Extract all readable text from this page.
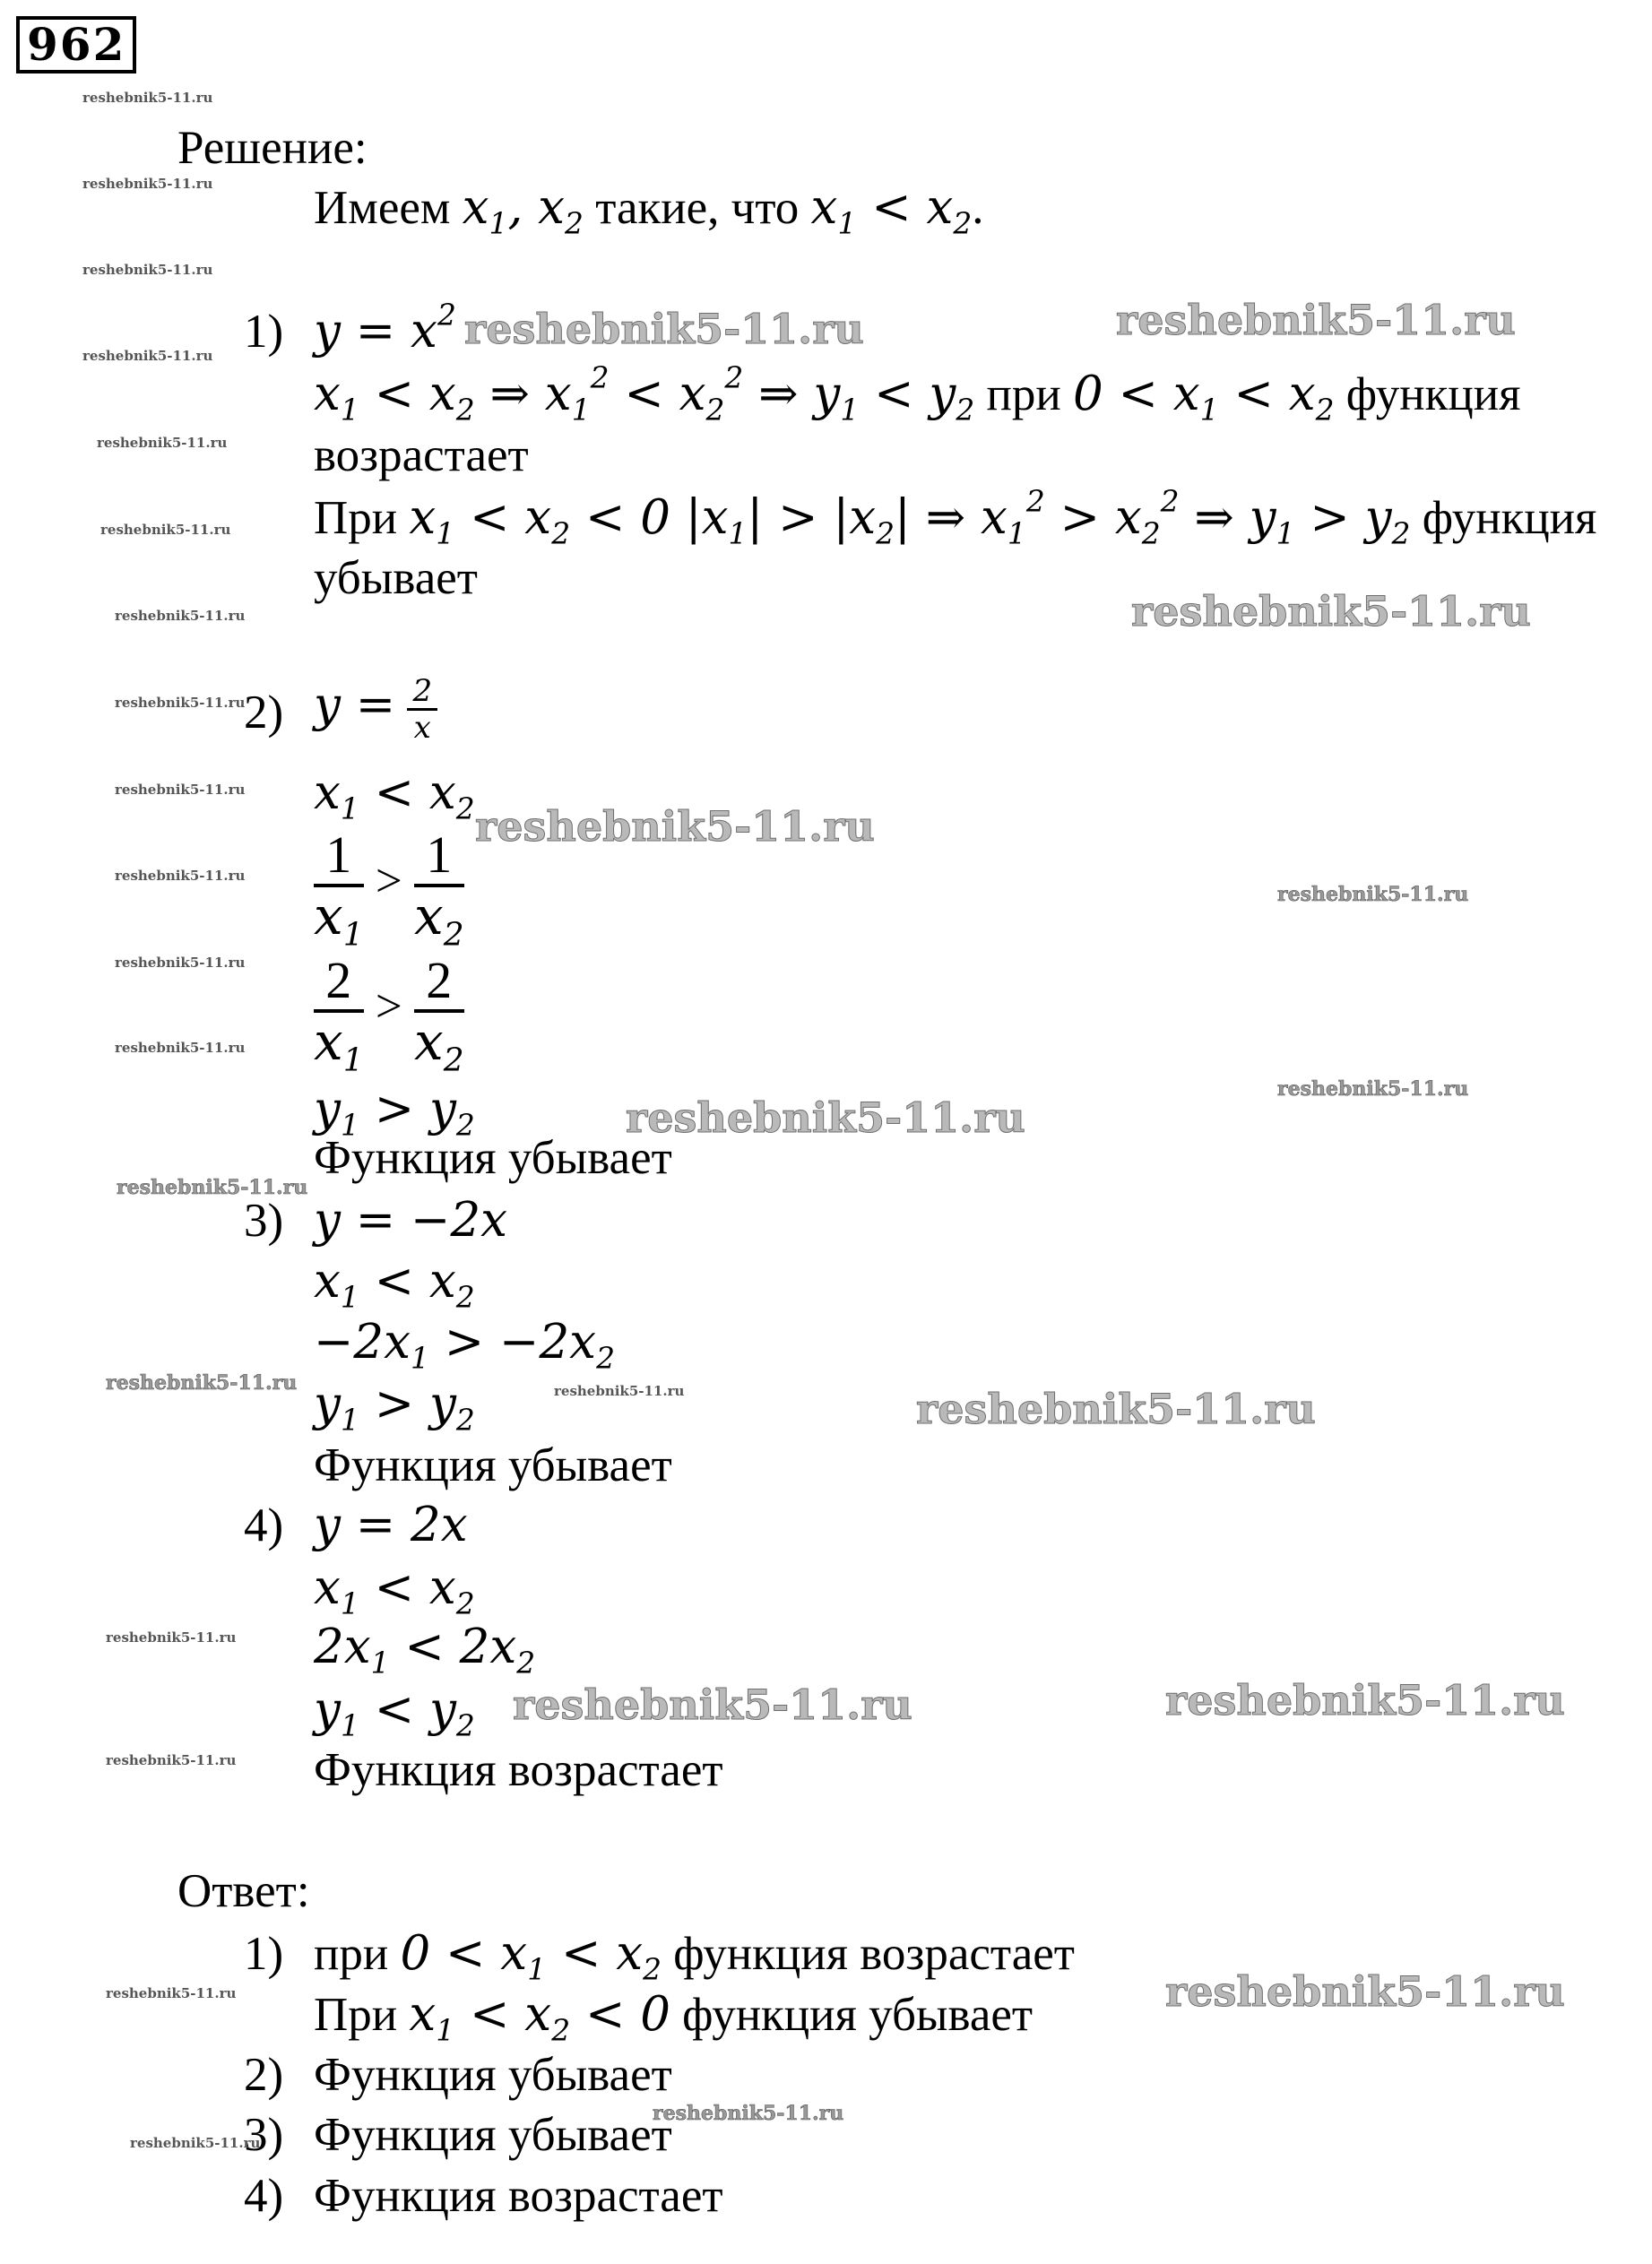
962
Решение:
Имеем $x_1$, $x_2$ такие, что $x_1 < x_2$.
1) $y = x^2$
$x_1 < x_2$ ⇒ $x_1^2 < x_2^2$ ⇒ $y_1 < y_2$ при $0 < x_1 < x_2$ функция
возрастает
При $x_1 < x_2 < 0$ $|x_1| > |x_2|$ ⇒ $x_1^2 > x_2^2$ ⇒ $y_1 > y_2$ функция
убывает
2) $y = \frac{2}{x}$
$x_1 < x_2$
$\frac{1}{x_1} > \frac{1}{x_2}$
$\frac{2}{x_1} > \frac{2}{x_2}$
$y_1 > y_2$
Функция убывает
3) y = −2x
$x_1 < x_2$
$-2x_1 > -2x_2$
$y_1 > y_2$
Функция убывает
4) y = 2x
$x_1 < x_2$
$2x_1 < 2x_2$
$y_1 < y_2$
Функция возрастает
Ответ:
1) при $0 < x_1 < x_2$ функция возрастает
При $x_1 < x_2 < 0$ функция убывает
2) Функция убывает
3) Функция убывает
4) Функция возрастает
reshebnik5-11.ru	reshebnik5-11.ru
reshebnik5-11.ru
reshebnik5-11.ru
reshebnik5-11.ru
reshebnik5-11.ru
reshebnik5-11.ru	reshebnik5-11.ru
reshebnik5-11.ru
reshebnik5-11.ru
reshebnik5-11.ru
reshebnik5-11.ru
reshebnik5-11.ru
reshebnik5-11.ru
reshebnik5-11.ru
reshebnik5-11.ru
reshebnik5-11.ru
reshebnik5-11.ru
reshebnik5-11.ru
reshebnik5-11.ru
reshebnik5-11.ru
reshebnik5-11.ru
reshebnik5-11.ru
reshebnik5-11.ru
reshebnik5-11.ru
reshebnik5-11.ru
reshebnik5-11.ru
reshebnik5-11.ru
reshebnik5-11.ru
reshebnik5-11.ru
reshebnik5-11.ru
